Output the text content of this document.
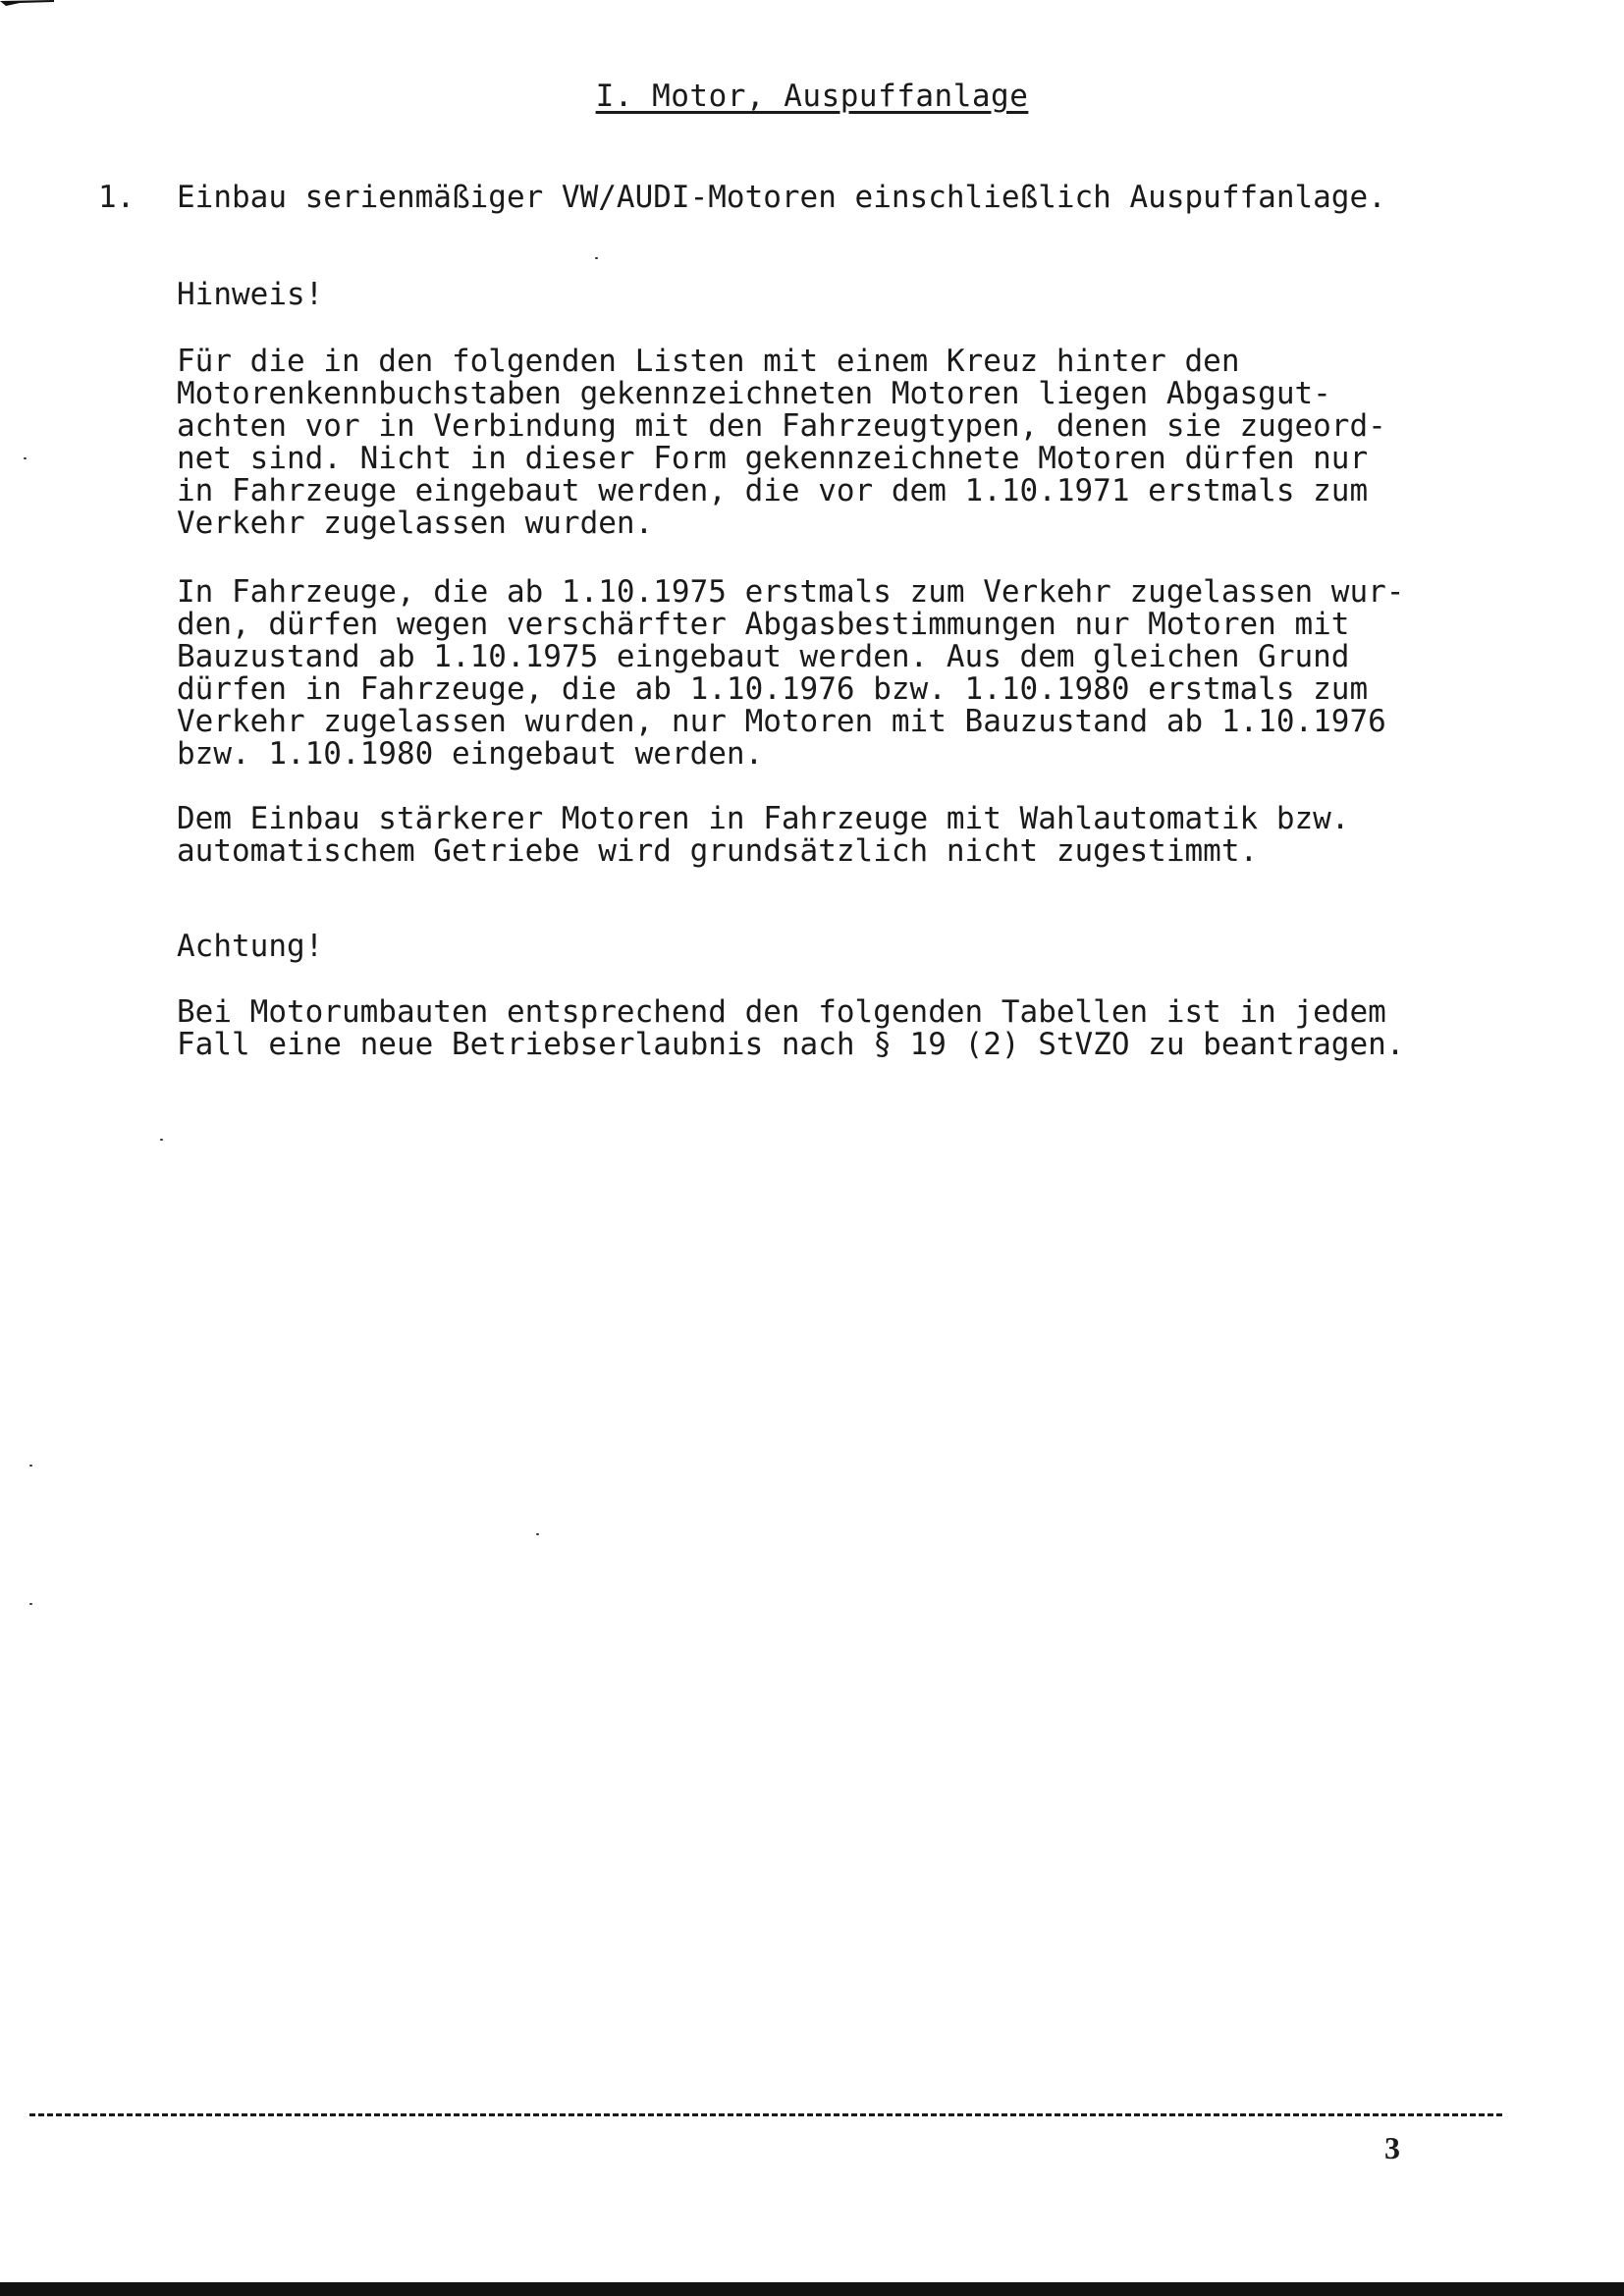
I. Motor, Auspuffanlage
1. Einbau serienmäßiger VW/AUDI-Motoren einschließlich Auspuffanlage.
Hinweis!
Für die in den folgenden Listen mit einem Kreuz hinter den
Motorenkennbuchstaben gekennzeichneten Motoren liegen Abgasgut-
achten vor in Verbindung mit den Fahrzeugtypen, denen sie zugeord-
net sind. Nicht in dieser Form gekennzeichnete Motoren dürfen nur
in Fahrzeuge eingebaut werden, die vor dem 1.10.1971 erstmals zum
Verkehr zugelassen wurden.
In Fahrzeuge, die ab 1.10.1975 erstmals zum Verkehr zugelassen wur-
den, dürfen wegen verschärfter Abgasbestimmungen nur Motoren mit
Bauzustand ab 1.10.1975 eingebaut werden. Aus dem gleichen Grund
dürfen in Fahrzeuge, die ab 1.10.1976 bzw. 1.10.1980 erstmals zum
Verkehr zugelassen wurden, nur Motoren mit Bauzustand ab 1.10.1976
bzw. 1.10.1980 eingebaut werden.
Dem Einbau stärkerer Motoren in Fahrzeuge mit Wahlautomatik bzw.
automatischem Getriebe wird grundsätzlich nicht zugestimmt.
Achtung!
Bei Motorumbauten entsprechend den folgenden Tabellen ist in jedem
Fall eine neue Betriebserlaubnis nach § 19 (2) StVZO zu beantragen.
3
